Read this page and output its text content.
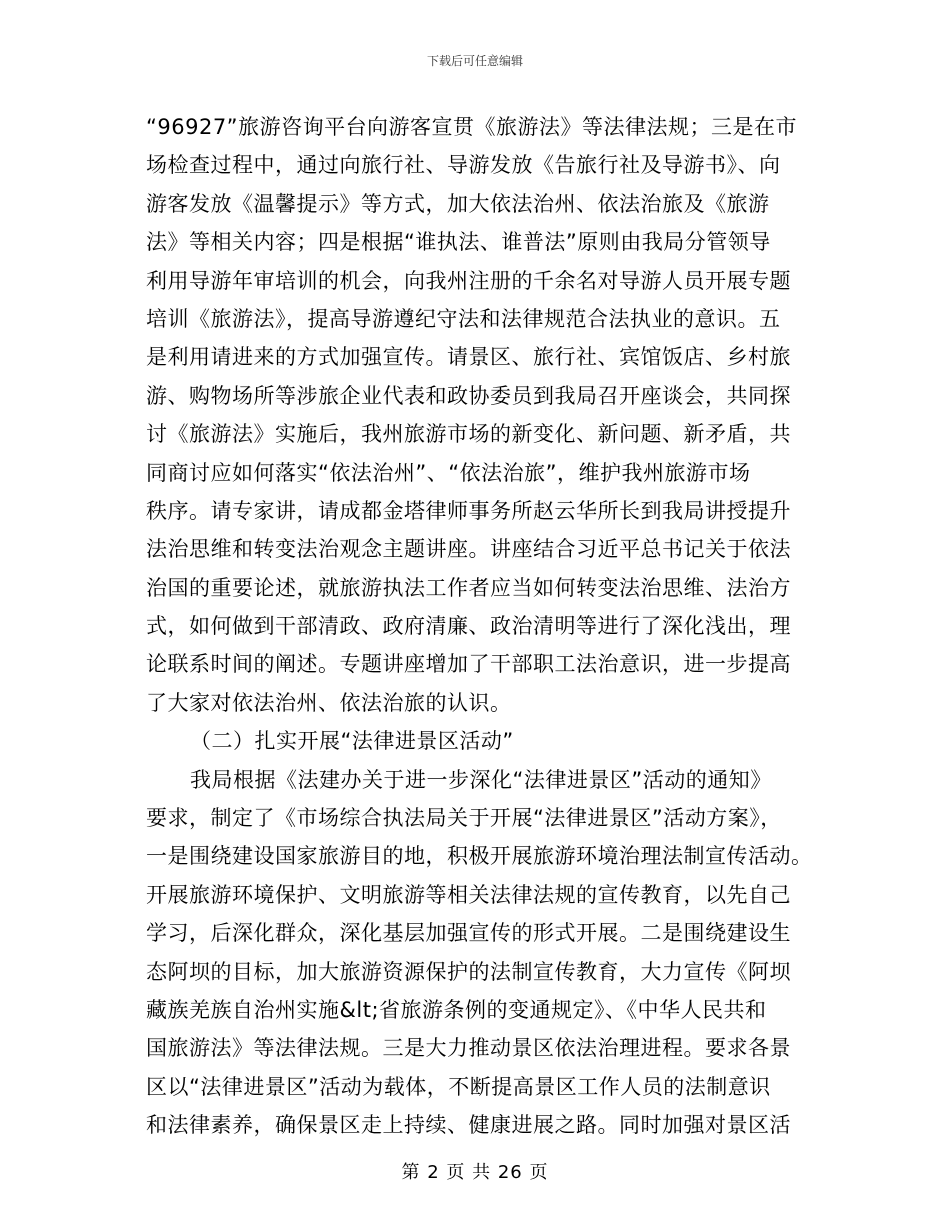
下载后可任意编辑
“96927”旅游咨询平台向游客宣贯《旅游法》等法律法规；三是在市
场检查过程中，通过向旅行社、导游发放《告旅行社及导游书》、向
游客发放《温馨提示》等方式，加大依法治州、依法治旅及《旅游
法》等相关内容；四是根据“谁执法、谁普法”原则由我局分管领导
利用导游年审培训的机会，向我州注册的千余名对导游人员开展专题
培训《旅游法》，提高导游遵纪守法和法律规范合法执业的意识。五
是利用请进来的方式加强宣传。请景区、旅行社、宾馆饭店、乡村旅
游、购物场所等涉旅企业代表和政协委员到我局召开座谈会，共同探
讨《旅游法》实施后，我州旅游市场的新变化、新问题、新矛盾，共
同商讨应如何落实“依法治州”、“依法治旅”，维护我州旅游市场
秩序。请专家讲，请成都金塔律师事务所赵云华所长到我局讲授提升
法治思维和转变法治观念主题讲座。讲座结合习近平总书记关于依法
治国的重要论述，就旅游执法工作者应当如何转变法治思维、法治方
式，如何做到干部清政、政府清廉、政治清明等进行了深化浅出，理
论联系时间的阐述。专题讲座增加了干部职工法治意识，进一步提高
了大家对依法治州、依法治旅的认识。
（二）扎实开展“法律进景区活动”
我局根据《法建办关于进一步深化“法律进景区”活动的通知》
要求，制定了《市场综合执法局关于开展“法律进景区”活动方案》，
一是围绕建设国家旅游目的地，积极开展旅游环境治理法制宣传活动。
开展旅游环境保护、文明旅游等相关法律法规的宣传教育，以先自己
学习，后深化群众，深化基层加强宣传的形式开展。二是围绕建设生
态阿坝的目标，加大旅游资源保护的法制宣传教育，大力宣传《阿坝
藏族羌族自治州实施&lt;省旅游条例的变通规定》、《中华人民共和
国旅游法》等法律法规。三是大力推动景区依法治理进程。要求各景
区以“法律进景区”活动为载体，不断提高景区工作人员的法制意识
和法律素养，确保景区走上持续、健康进展之路。同时加强对景区活
第 2 页 共 26 页
